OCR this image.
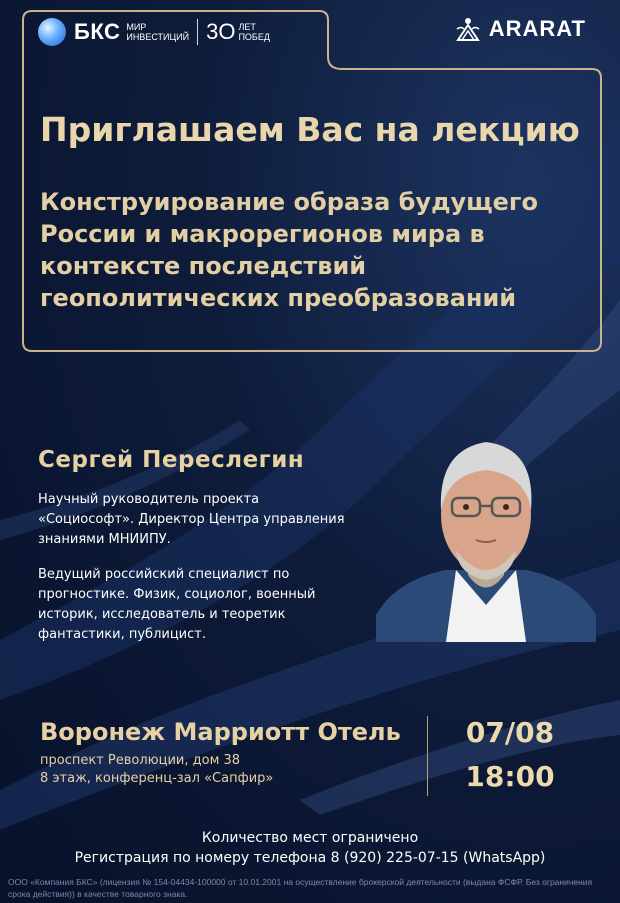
БКС МИР
ИНВЕСТИЦИЙ 3О ЛЕТ
ПОБЕД	ARARAT
Приглашаем Вас на лекцию
Конструирование образа будущего России и макрорегионов мира в контексте последствий геополитических преобразований
Сергей Переслегин
Научный руководитель проекта «Социософт». Директор Центра управления знаниями МНИИПУ.
Ведущий российский специалист по прогностике. Физик, социолог, военный историк, исследователь и теоретик фантастики, публицист.
Воронеж Марриотт Отель
проспект Революции, дом 38
8 этаж, конференц-зал «Сапфир»
07/08
18:00
Количество мест ограничено
Регистрация по номеру телефона 8 (920) 225-07-15 (WhatsApp)
ООО «Компания БКС» (лицензия № 154-04434-100000 от 10.01.2001 на осуществление брокерской деятельности (выдана ФСФР. Без ограничения срока действия)) в качестве товарного знака.
